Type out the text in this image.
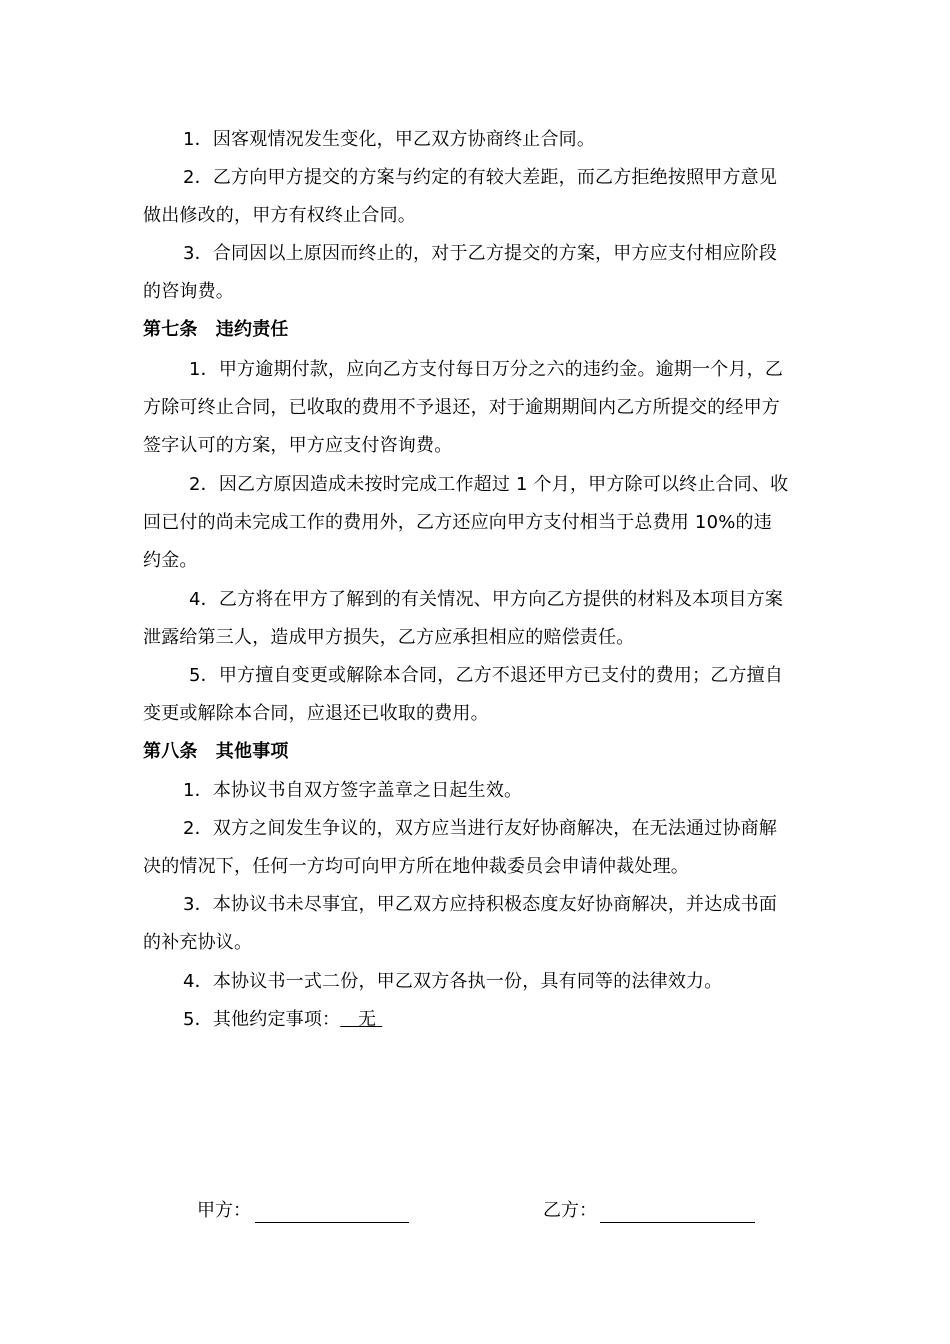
1．因客观情况发生变化，甲乙双方协商终止合同。
2．乙方向甲方提交的方案与约定的有较大差距，而乙方拒绝按照甲方意见
做出修改的，甲方有权终止合同。
3．合同因以上原因而终止的，对于乙方提交的方案，甲方应支付相应阶段
的咨询费。
第七条　违约责任
1．甲方逾期付款，应向乙方支付每日万分之六的违约金。逾期一个月，乙
方除可终止合同，已收取的费用不予退还，对于逾期期间内乙方所提交的经甲方
签字认可的方案，甲方应支付咨询费。
2．因乙方原因造成未按时完成工作超过 1 个月，甲方除可以终止合同、收
回已付的尚未完成工作的费用外，乙方还应向甲方支付相当于总费用 10%的违
约金。
4．乙方将在甲方了解到的有关情况、甲方向乙方提供的材料及本项目方案
泄露给第三人，造成甲方损失，乙方应承担相应的赔偿责任。
5．甲方擅自变更或解除本合同，乙方不退还甲方已支付的费用；乙方擅自
变更或解除本合同，应退还已收取的费用。
第八条　其他事项
1．本协议书自双方签字盖章之日起生效。
2．双方之间发生争议的，双方应当进行友好协商解决，在无法通过协商解
决的情况下，任何一方均可向甲方所在地仲裁委员会申请仲裁处理。
3．本协议书未尽事宜，甲乙双方应持积极态度友好协商解决，并达成书面
的补充协议。
4．本协议书一式二份，甲乙双方各执一份，具有同等的法律效力。
5．其他约定事项： 无
甲方：	乙方：
